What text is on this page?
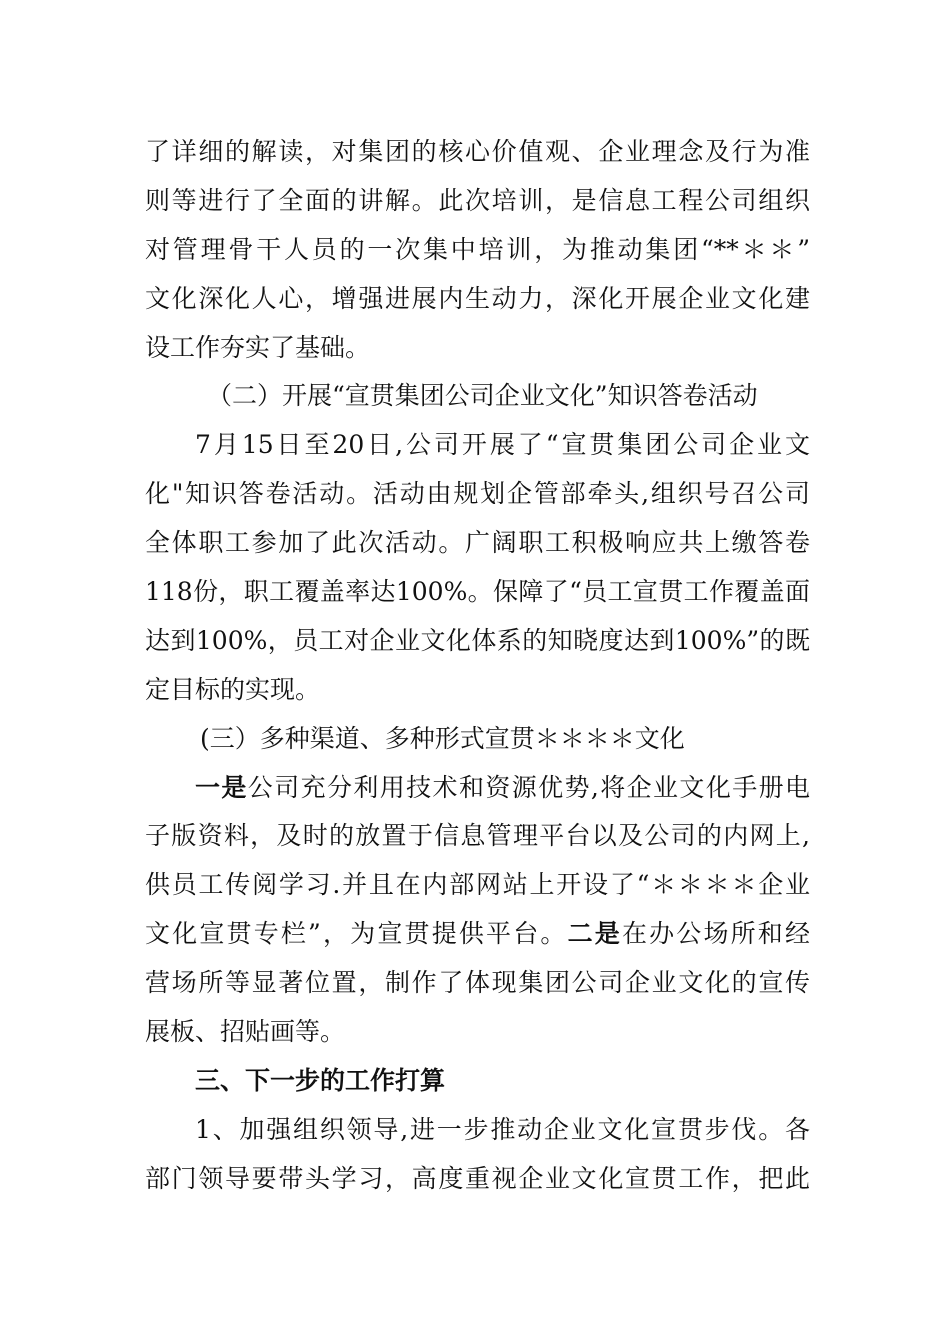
了详细的解读，对集团的核心价值观、企业理念及行为准
则等进行了全面的讲解。此次培训，是信息工程公司组织
对管理骨干人员的一次集中培训，为推动集团“**＊＊”
文化深化人心，增强进展内生动力，深化开展企业文化建
设工作夯实了基础。
（二）开展“宣贯集团公司企业文化”知识答卷活动
7月15日至20日,公司开展了“宣贯集团公司企业文
化"知识答卷活动。活动由规划企管部牵头,组织号召公司
全体职工参加了此次活动。广阔职工积极响应共上缴答卷
118份，职工覆盖率达100%。保障了“员工宣贯工作覆盖面
达到100%，员工对企业文化体系的知晓度达到100%”的既
定目标的实现。
(三）多种渠道、多种形式宣贯＊＊＊＊文化
一是公司充分利用技术和资源优势,将企业文化手册电
子版资料，及时的放置于信息管理平台以及公司的内网上,
供员工传阅学习.并且在内部网站上开设了“＊＊＊＊企业
文化宣贯专栏”，为宣贯提供平台。二是在办公场所和经
营场所等显著位置，制作了体现集团公司企业文化的宣传
展板、招贴画等。
三、下一步的工作打算
1、加强组织领导,进一步推动企业文化宣贯步伐。各
部门领导要带头学习，高度重视企业文化宣贯工作，把此
